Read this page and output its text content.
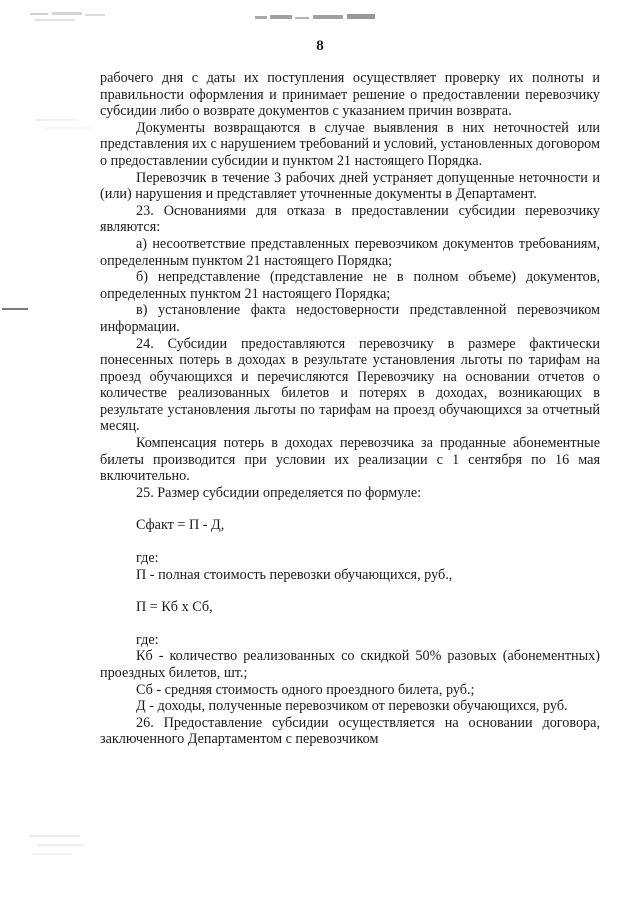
8

рабочего дня с даты их поступления осуществляет проверку их полноты и правильности оформления и принимает решение о предоставлении перевозчику субсидии либо о возврате документов с указанием причин возврата.

Документы возвращаются в случае выявления в них неточностей или представления их с нарушением требований и условий, установленных договором о предоставлении субсидии и пунктом 21 настоящего Порядка.

Перевозчик в течение 3 рабочих дней устраняет допущенные неточности и (или) нарушения и представляет уточненные документы в Департамент.

23. Основаниями для отказа в предоставлении субсидии перевозчику являются:

а) несоответствие представленных перевозчиком документов требованиям, определенным пунктом 21 настоящего Порядка;

б) непредставление (представление не в полном объеме) документов, определенных пунктом 21 настоящего Порядка;

в) установление факта недостоверности представленной перевозчиком информации.

24. Субсидии предоставляются перевозчику в размере фактически понесенных потерь в доходах в результате установления льготы по тарифам на проезд обучающихся и перечисляются Перевозчику на основании отчетов о количестве реализованных билетов и потерях в доходах, возникающих в результате установления льготы по тарифам на проезд обучающихся за отчетный месяц.

Компенсация потерь в доходах перевозчика за проданные абонементные билеты производится при условии их реализации с 1 сентября по 16 мая включительно.

25. Размер субсидии определяется по формуле:

Сфакт = П - Д,

где:

П - полная стоимость перевозки обучающихся, руб.,

П = Кб х Сб,

где:

Кб - количество реализованных со скидкой 50% разовых (абонементных) проездных билетов, шт.;

Сб - средняя стоимость одного проездного билета, руб.;

Д - доходы, полученные перевозчиком от перевозки обучающихся, руб.

26. Предоставление субсидии осуществляется на основании договора, заключенного Департаментом с перевозчиком
